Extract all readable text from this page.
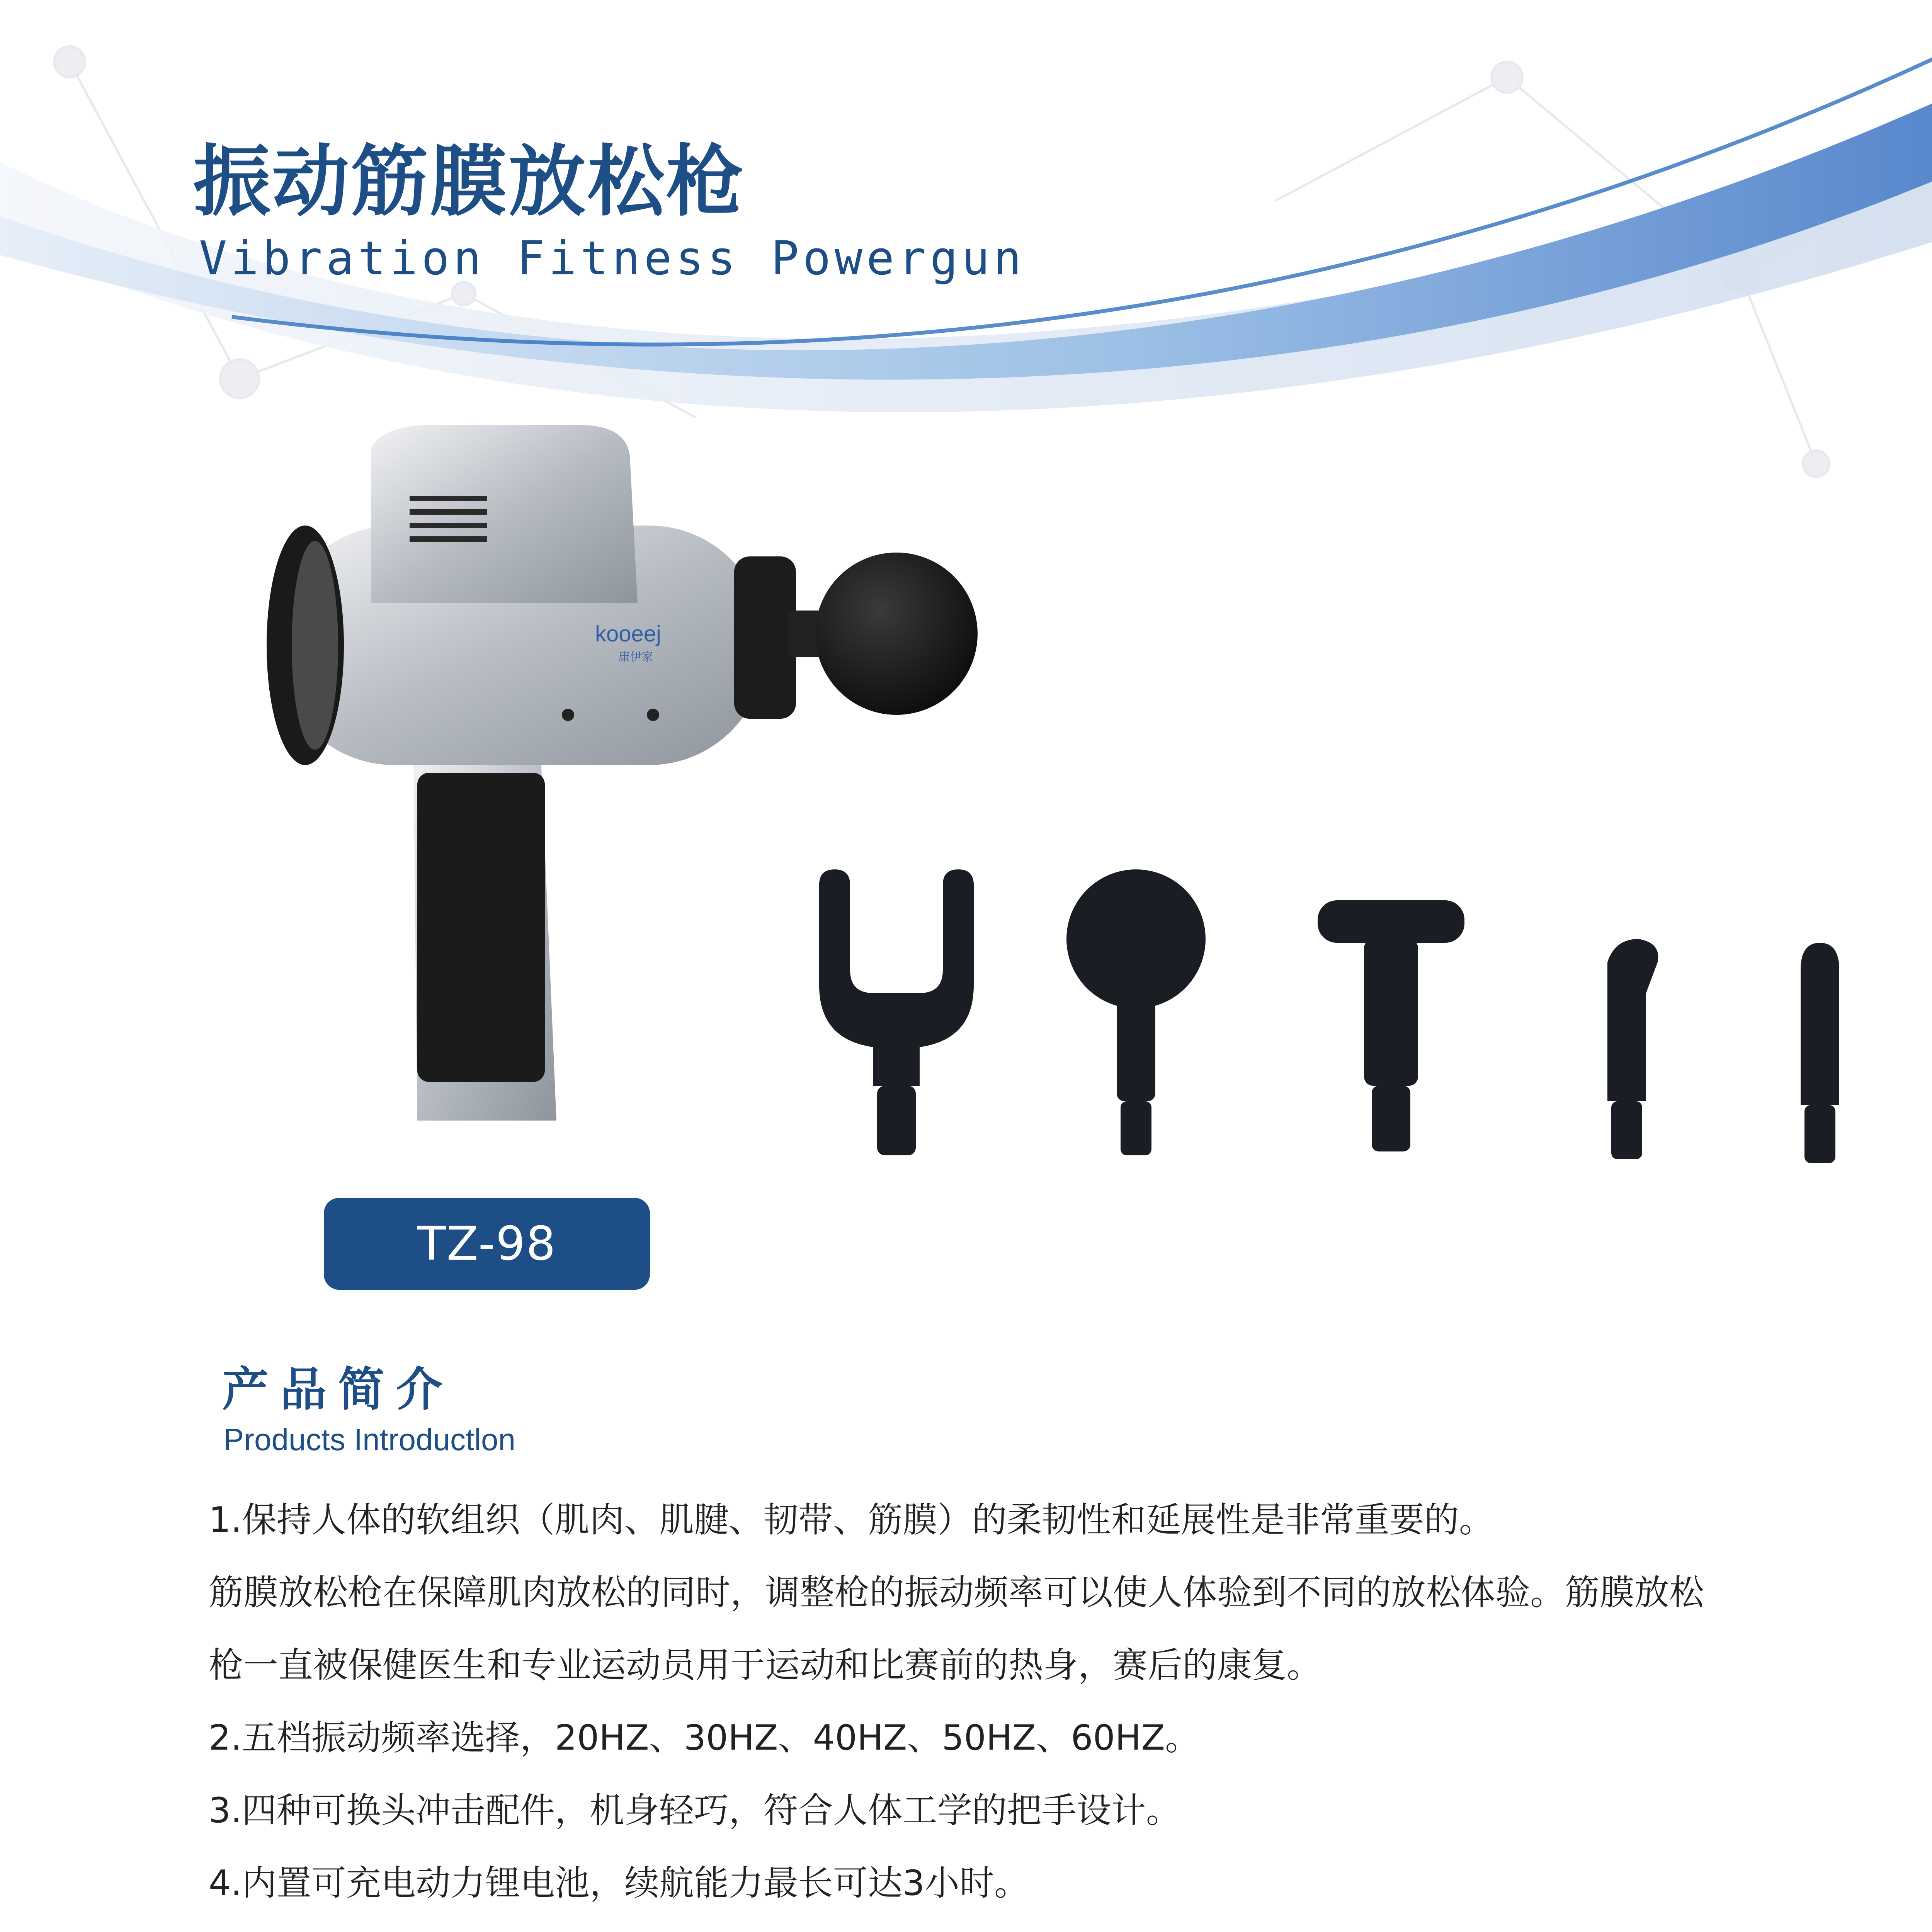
振动筋膜放松枪
Vibration Fitness Powergun
kooeej
康伊家
TZ-98
产品简介
Products Introductlon
1.保持人体的软组织（肌肉、肌腱、韧带、筋膜）的柔韧性和延展性是非常重要的。
筋膜放松枪在保障肌肉放松的同时，调整枪的振动频率可以使人体验到不同的放松体验。筋膜放松
枪一直被保健医生和专业运动员用于运动和比赛前的热身，赛后的康复。
2.五档振动频率选择，20HZ、30HZ、40HZ、50HZ、60HZ。
3.四种可换头冲击配件，机身轻巧，符合人体工学的把手设计。
4.内置可充电动力锂电池，续航能力最长可达3小时。
